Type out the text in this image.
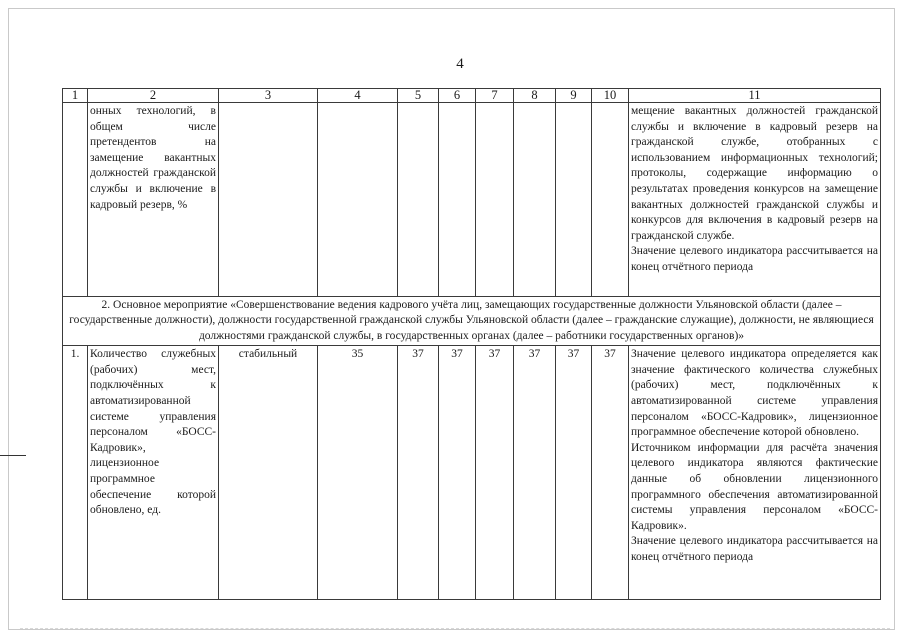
4
1	2	3	4	5	6	7	8	9	10	11
	онных технологий, в общем числе претендентов на замещение вакантных должностей гражданской службы и включение в кадровый резерв, %									мещение вакантных должностей гражданской службы и включение в кадровый резерв на гражданской службе, отобранных с использованием информационных технологий; протоколы, содержащие информацию о результатах проведения конкурсов на замещение вакантных должностей гражданской службы и конкурсов для включения в кадровый резерв на гражданской службе.
Значение целевого индикатора рассчитывается на конец отчётного периода

2. Основное мероприятие «Совершенствование ведения кадрового учёта лиц, замещающих государственные должности Ульяновской области (далее – государственные должности), должности государственной гражданской службы Ульяновской области (далее – гражданские служащие), должности, не являющиеся должностями гражданской службы, в государственных органах (далее – работники государственных органов)»										
1.	Количество служебных (рабочих) мест, подключённых к автоматизированной системе управления персоналом «БОСС-Кадровик», лицензионное программное обеспечение которой обновлено, ед.	стабильный	35	37	37	37	37	37	37	Значение целевого индикатора определяется как значение фактического количества служебных (рабочих) мест, подключённых к автоматизированной системе управления персоналом «БОСС-Кадровик», лицензионное программное обеспечение которой обновлено.
Источником информации для расчёта значения целевого индикатора являются фактические данные об обновлении лицензионного программного обеспечения автоматизированной системы управления персоналом «БОСС-Кадровик».
Значение целевого индикатора рассчитывается на конец отчётного периода
